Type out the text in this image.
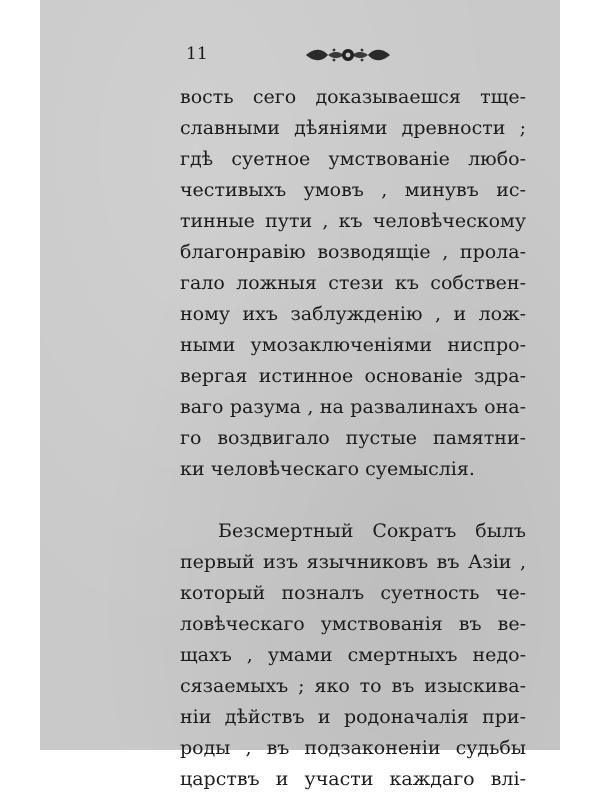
11
вость сего доказываешся тще-
славными дѣяніями древности ;
гдѣ суетное умствованіе любо-
честивыхъ умовъ , минувъ ис-
тинные пути , къ человѣческому
благонравію возводящіе , прола-
гало ложныя стези къ собствен-
ному ихъ заблужденію , и лож-
ными умозаключеніями ниспро-
вергая истинное основаніе здра-
ваго разума , на развалинахъ она-
го воздвигало пустые памятни-
ки человѣческаго суемыслія.
Безсмертный Сократъ былъ
первый изъ язычниковъ въ Азіи ,
который позналъ суетность че-
ловѣческаго умствованія въ ве-
щахъ , умами смертныхъ недо-
сязаемыхъ ; яко то въ изыскива-
ніи дѣйствъ и родоначалія при-
роды , въ подзаконеніи судьбы
царствъ и участи каждаго влі-
